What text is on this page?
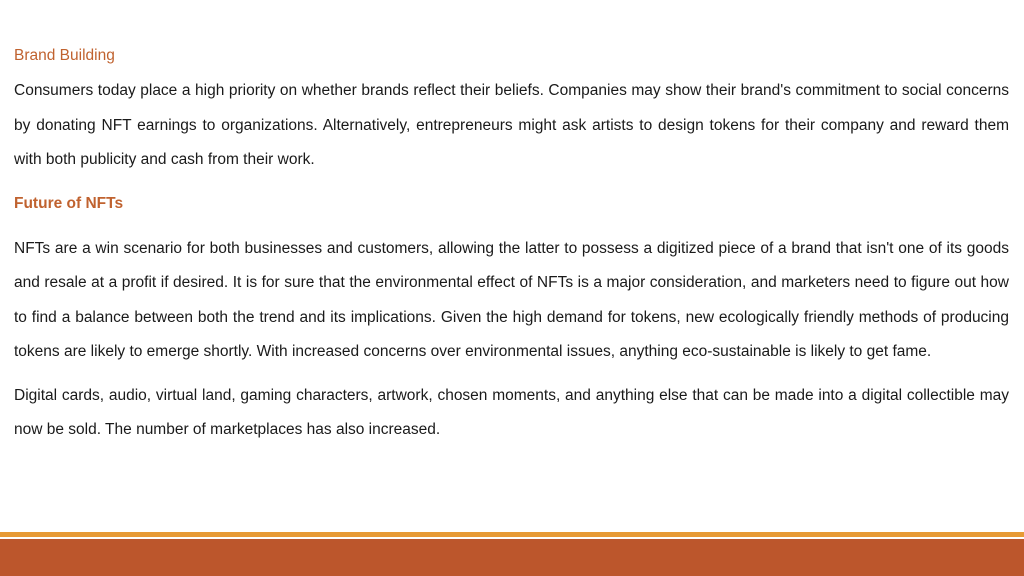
Brand Building

Consumers today place a high priority on whether brands reflect their beliefs. Companies may show their brand's commitment to social concerns by donating NFT earnings to organizations. Alternatively, entrepreneurs might ask artists to design tokens for their company and reward them with both publicity and cash from their work.

Future of NFTs

NFTs are a win scenario for both businesses and customers, allowing the latter to possess a digitized piece of a brand that isn't one of its goods and resale at a profit if desired. It is for sure that the environmental effect of NFTs is a major consideration, and marketers need to figure out how to find a balance between both the trend and its implications. Given the high demand for tokens, new ecologically friendly methods of producing tokens are likely to emerge shortly. With increased concerns over environmental issues, anything eco-sustainable is likely to get fame.

Digital cards, audio, virtual land, gaming characters, artwork, chosen moments, and anything else that can be made into a digital collectible may now be sold. The number of marketplaces has also increased.
